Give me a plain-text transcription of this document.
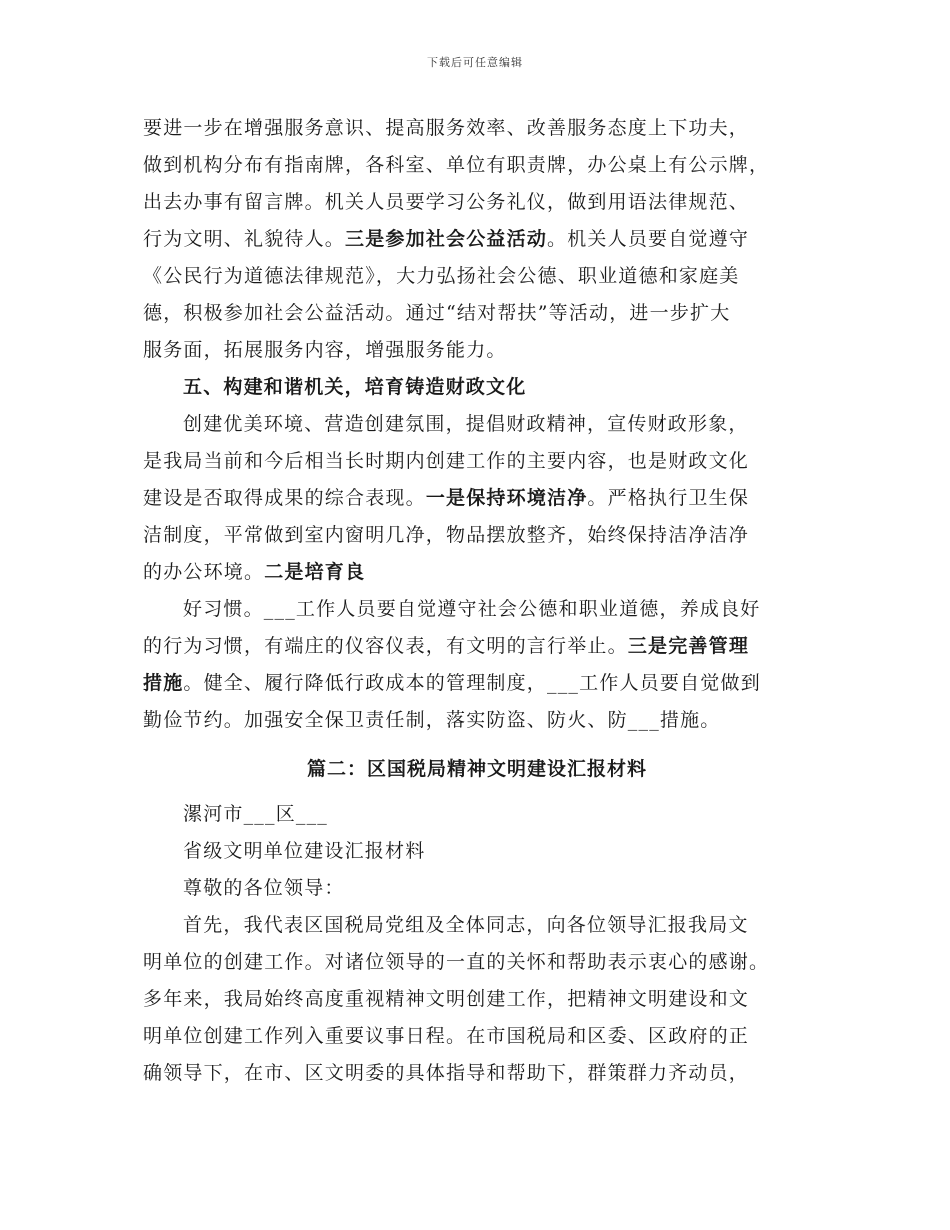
下载后可任意编辑
要进一步在增强服务意识、提高服务效率、改善服务态度上下功夫，
做到机构分布有指南牌，各科室、单位有职责牌，办公桌上有公示牌，
出去办事有留言牌。机关人员要学习公务礼仪，做到用语法律规范、
行为文明、礼貌待人。三是参加社会公益活动。机关人员要自觉遵守
《公民行为道德法律规范》，大力弘扬社会公德、职业道德和家庭美
德，积极参加社会公益活动。通过“结对帮扶”等活动，进一步扩大
服务面，拓展服务内容，增强服务能力。
五、构建和谐机关，培育铸造财政文化
创建优美环境、营造创建氛围，提倡财政精神，宣传财政形象，
是我局当前和今后相当长时期内创建工作的主要内容，也是财政文化
建设是否取得成果的综合表现。一是保持环境洁净。严格执行卫生保
洁制度，平常做到室内窗明几净，物品摆放整齐，始终保持洁净洁净
的办公环境。二是培育良
好习惯。___工作人员要自觉遵守社会公德和职业道德，养成良好
的行为习惯，有端庄的仪容仪表，有文明的言行举止。三是完善管理
措施。健全、履行降低行政成本的管理制度，___工作人员要自觉做到
勤俭节约。加强安全保卫责任制，落实防盗、防火、防___措施。
篇二：区国税局精神文明建设汇报材料
漯河市___区___
省级文明单位建设汇报材料
尊敬的各位领导：
首先，我代表区国税局党组及全体同志，向各位领导汇报我局文
明单位的创建工作。对诸位领导的一直的关怀和帮助表示衷心的感谢。
多年来，我局始终高度重视精神文明创建工作，把精神文明建设和文
明单位创建工作列入重要议事日程。在市国税局和区委、区政府的正
确领导下，在市、区文明委的具体指导和帮助下，群策群力齐动员，
